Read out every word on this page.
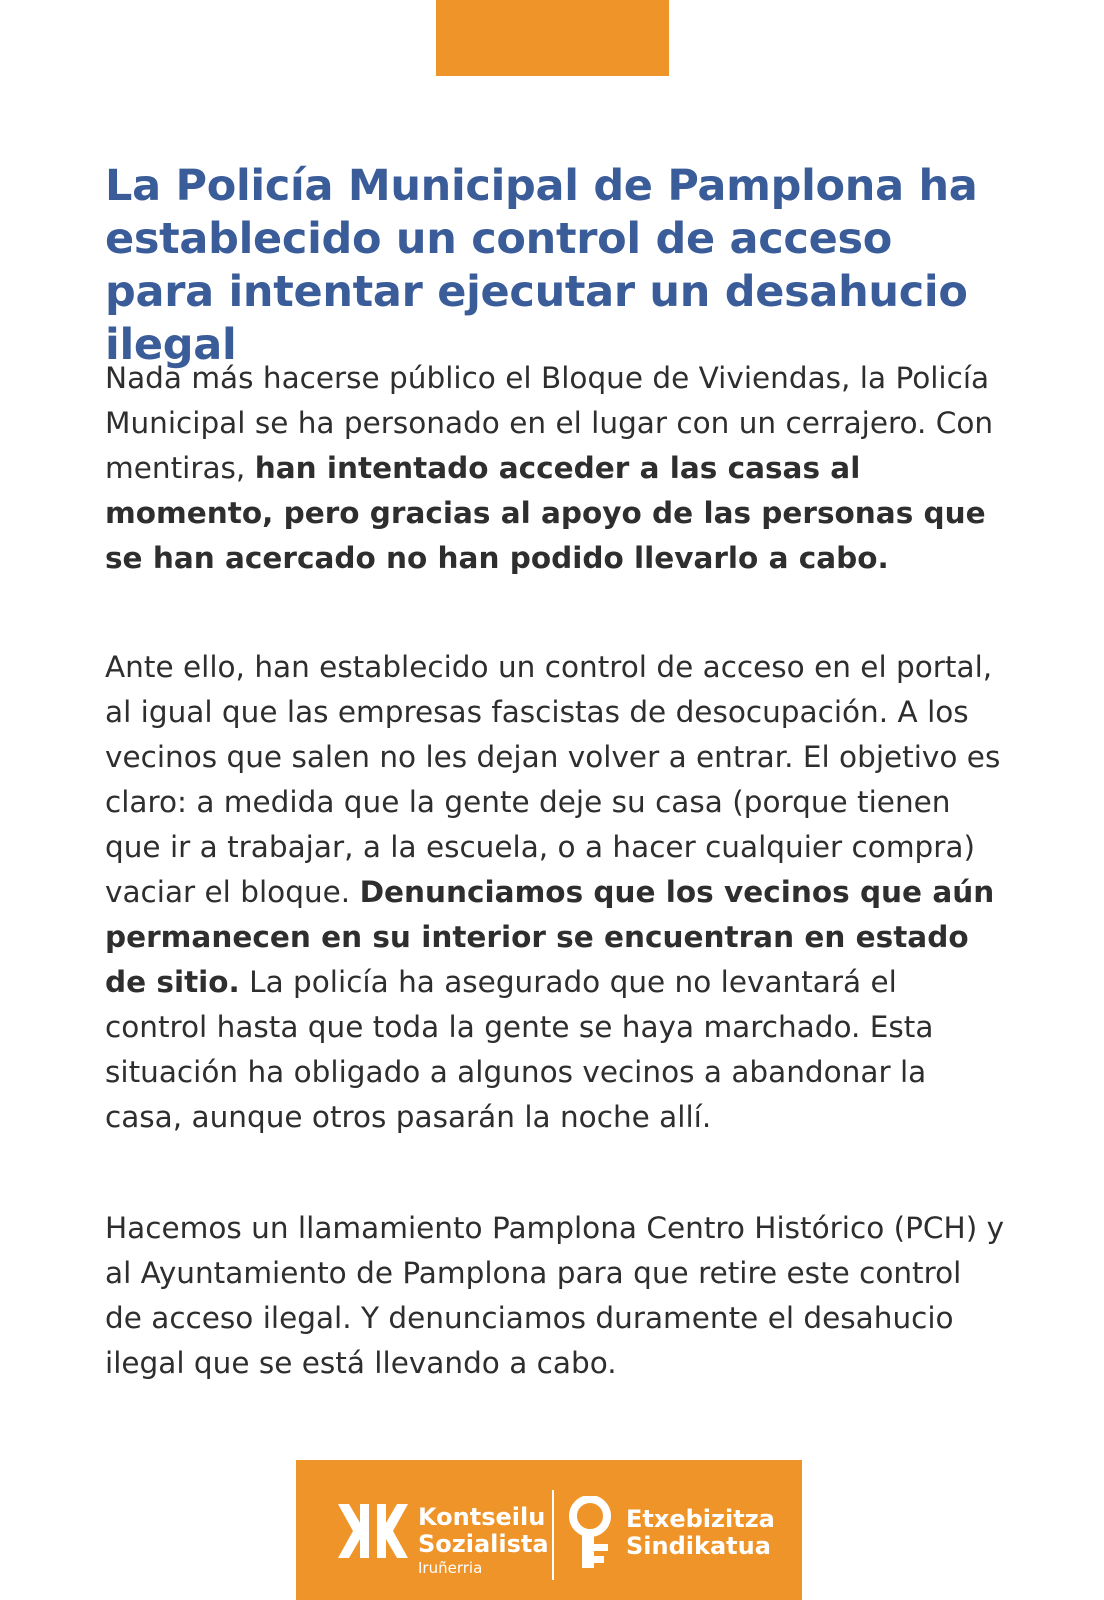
La Policía Municipal de Pamplona ha establecido un control de acceso para intentar ejecutar un desahucio ilegal

Nada más hacerse público el Bloque de Viviendas, la Policía Municipal se ha personado en el lugar con un cerrajero. Con mentiras, han intentado acceder a las casas al momento, pero gracias al apoyo de las personas que se han acercado no han podido llevarlo a cabo.

Ante ello, han establecido un control de acceso en el portal, al igual que las empresas fascistas de desocupación. A los vecinos que salen no les dejan volver a entrar. El objetivo es claro: a medida que la gente deje su casa (porque tienen que ir a trabajar, a la escuela, o a hacer cualquier compra) vaciar el bloque. Denunciamos que los vecinos que aún permanecen en su interior se encuentran en estado de sitio. La policía ha asegurado que no levantará el control hasta que toda la gente se haya marchado. Esta situación ha obligado a algunos vecinos a abandonar la casa, aunque otros pasarán la noche allí.

Hacemos un llamamiento Pamplona Centro Histórico (PCH) y al Ayuntamiento de Pamplona para que retire este control de acceso ilegal. Y denunciamos duramente el desahucio ilegal que se está llevando a cabo.

Kontseilu
Sozialista
Iruñerria
Etxebizitza
Sindikatua
